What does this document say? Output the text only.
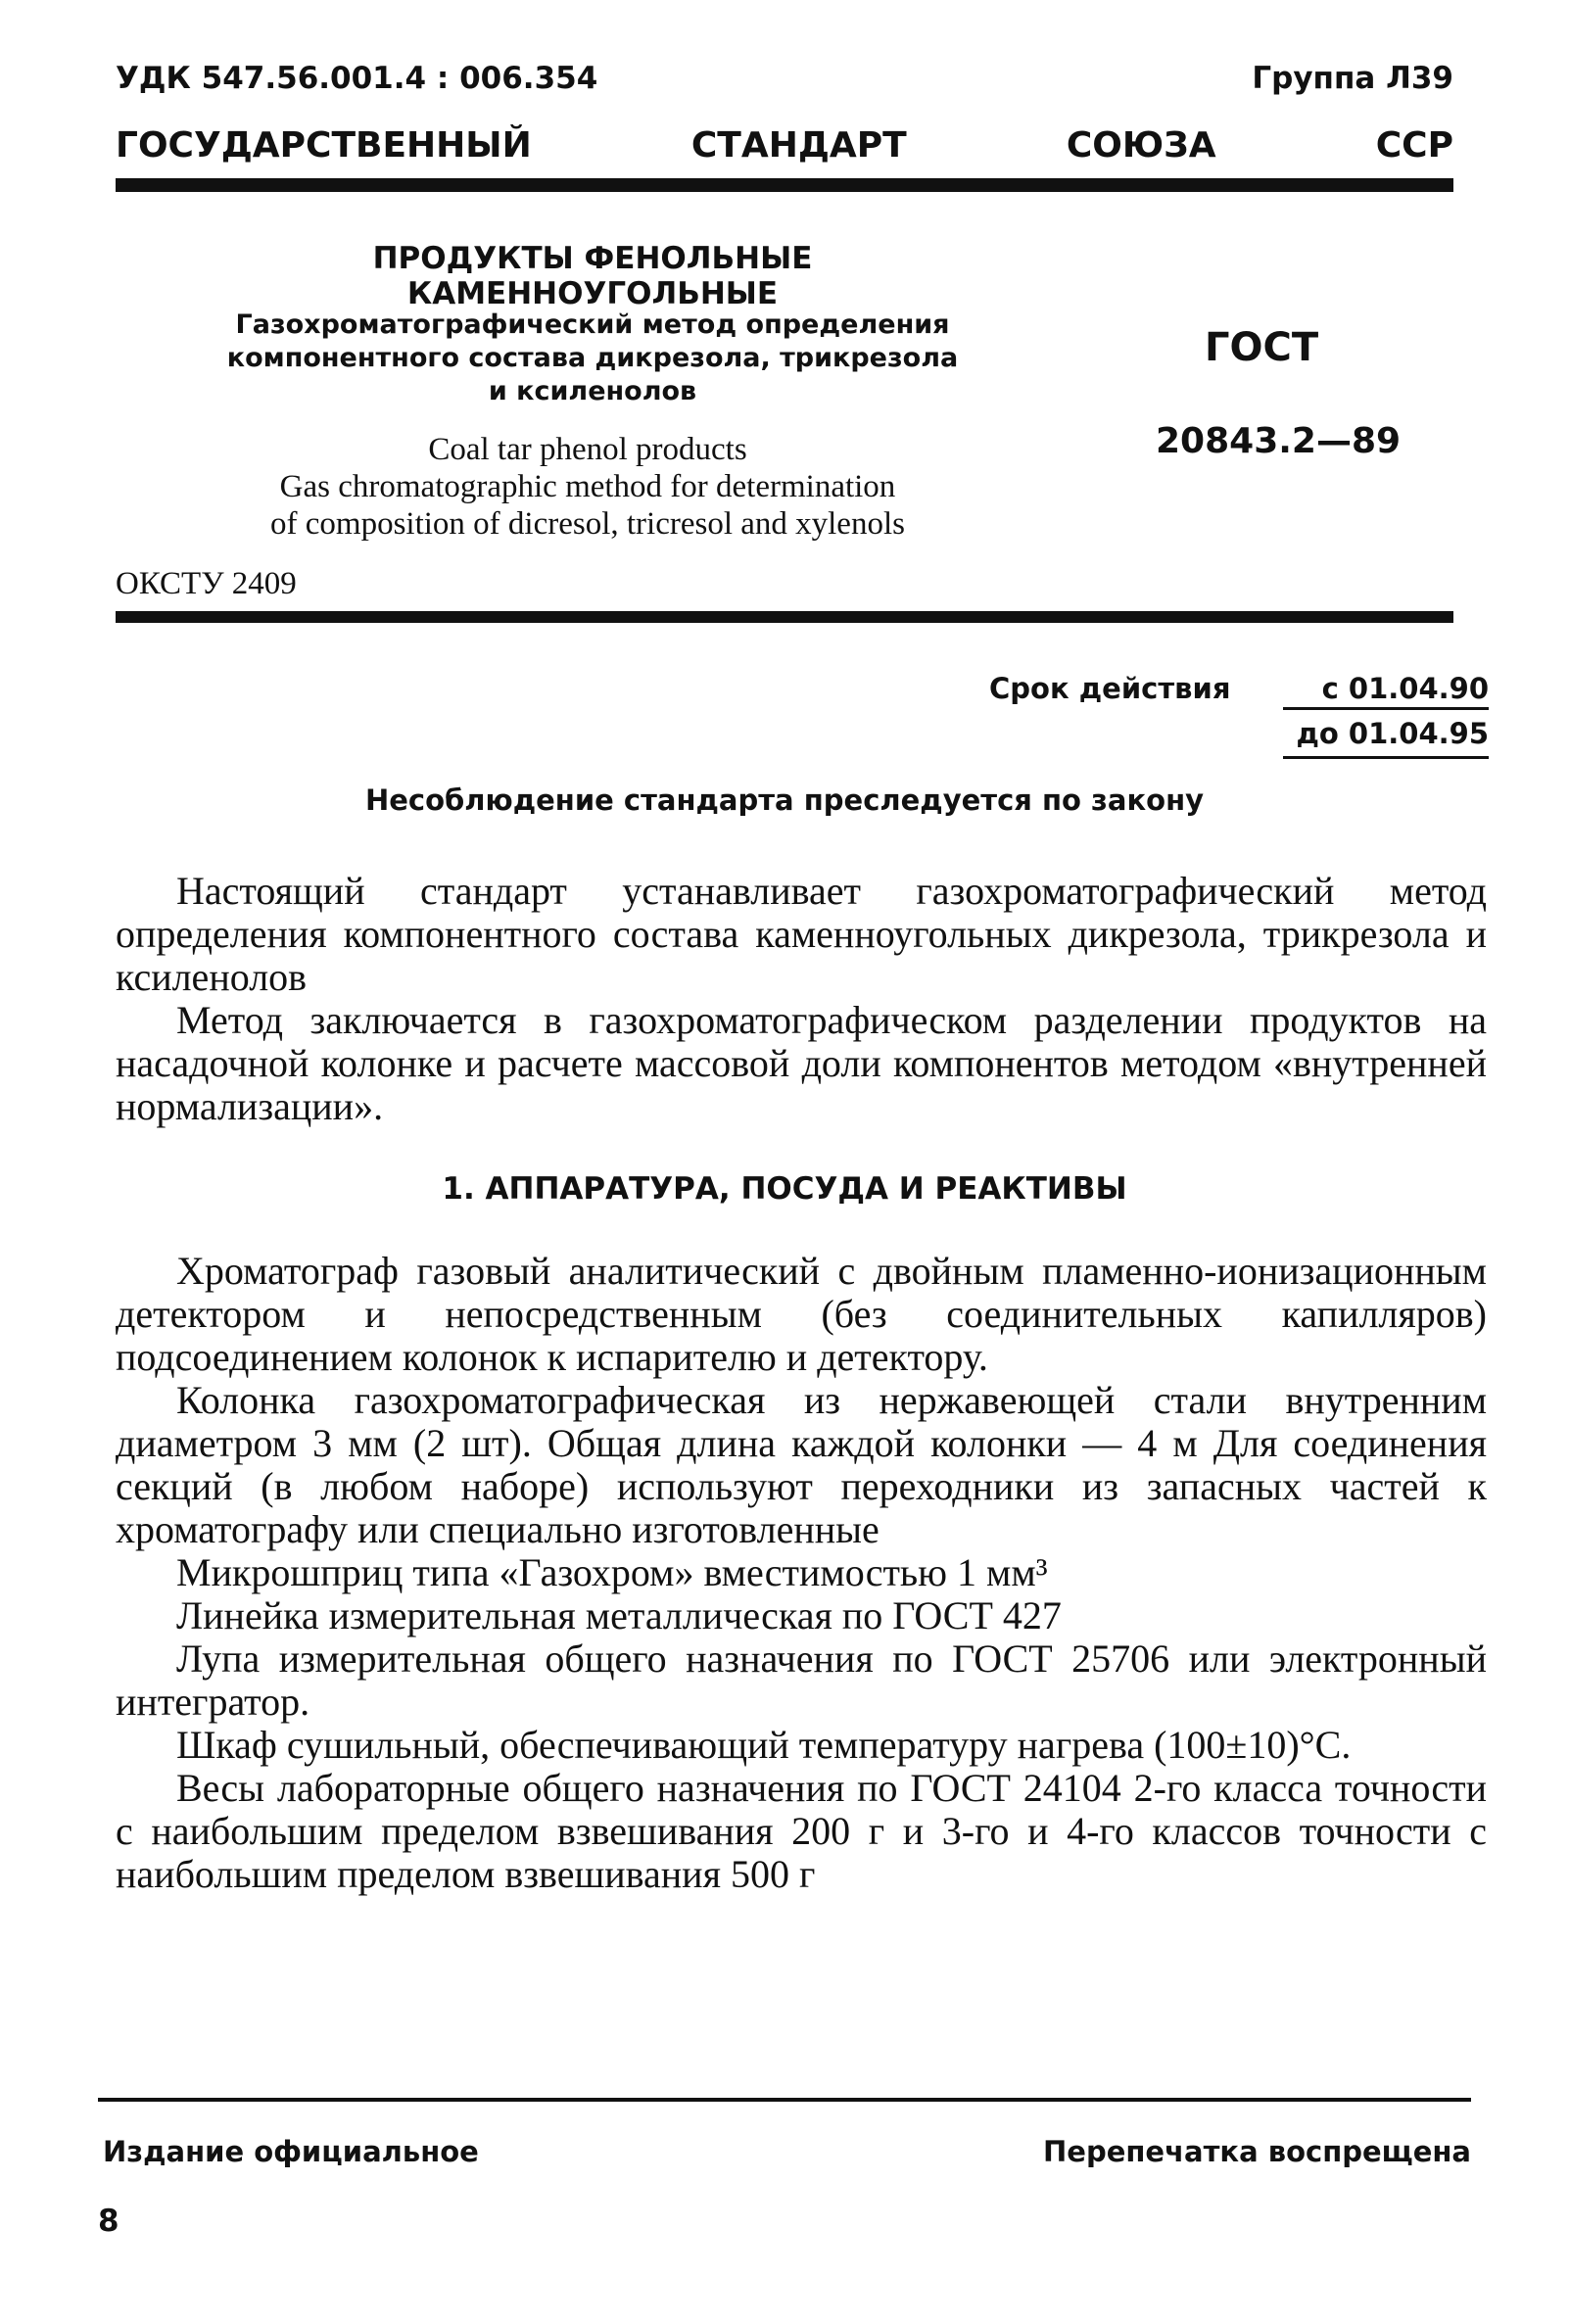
УДК 547.56.001.4 : 006.354	Группа Л39
ГОСУДАРСТВЕННЫЙ	СТАНДАРТ	СОЮЗА	ССР
ПРОДУКТЫ ФЕНОЛЬНЫЕ КАМЕННОУГОЛЬНЫЕ
Газохроматографический метод определения
компонентного состава дикрезола, трикрезола
и ксиленолов
Coal tar phenol products
Gas chromatographic method for determination
of composition of dicresol, tricresol and xylenols
ОКСТУ 2409
ГОСТ
20843.2—89
Срок действия	с 01.04.90
до 01.04.95
Несоблюдение стандарта преследуется по закону
Настоящий стандарт устанавливает газохроматографический метод определения компонентного состава каменноугольных дикрезола, трикрезола и ксиленолов
Метод заключается в газохроматографическом разделении продуктов на насадочной колонке и расчете массовой доли компонентов методом «внутренней нормализации».
1. АППАРАТУРА, ПОСУДА И РЕАКТИВЫ

Хроматограф газовый аналитический с двойным пламенно-ионизационным детектором и непосредственным (без соединительных капилляров) подсоединением колонок к испарителю и детектору.

Колонка газохроматографическая из нержавеющей стали внутренним диаметром 3 мм (2 шт). Общая длина каждой колонки — 4 м Для соединения секций (в любом наборе) используют переходники из запасных частей к хроматографу или специально изготовленные

Микрошприц типа «Газохром» вместимостью 1 мм³

Линейка измерительная металлическая по ГОСТ 427

Лупа измерительная общего назначения по ГОСТ 25706 или электронный интегратор.

Шкаф сушильный, обеспечивающий температуру нагрева (100±10)°С.

Весы лабораторные общего назначения по ГОСТ 24104 2-го класса точности с наибольшим пределом взвешивания 200 г и 3-го и 4-го классов точности с наибольшим пределом взвешивания 500 г

Издание официальное	Перепечатка воспрещена
8
